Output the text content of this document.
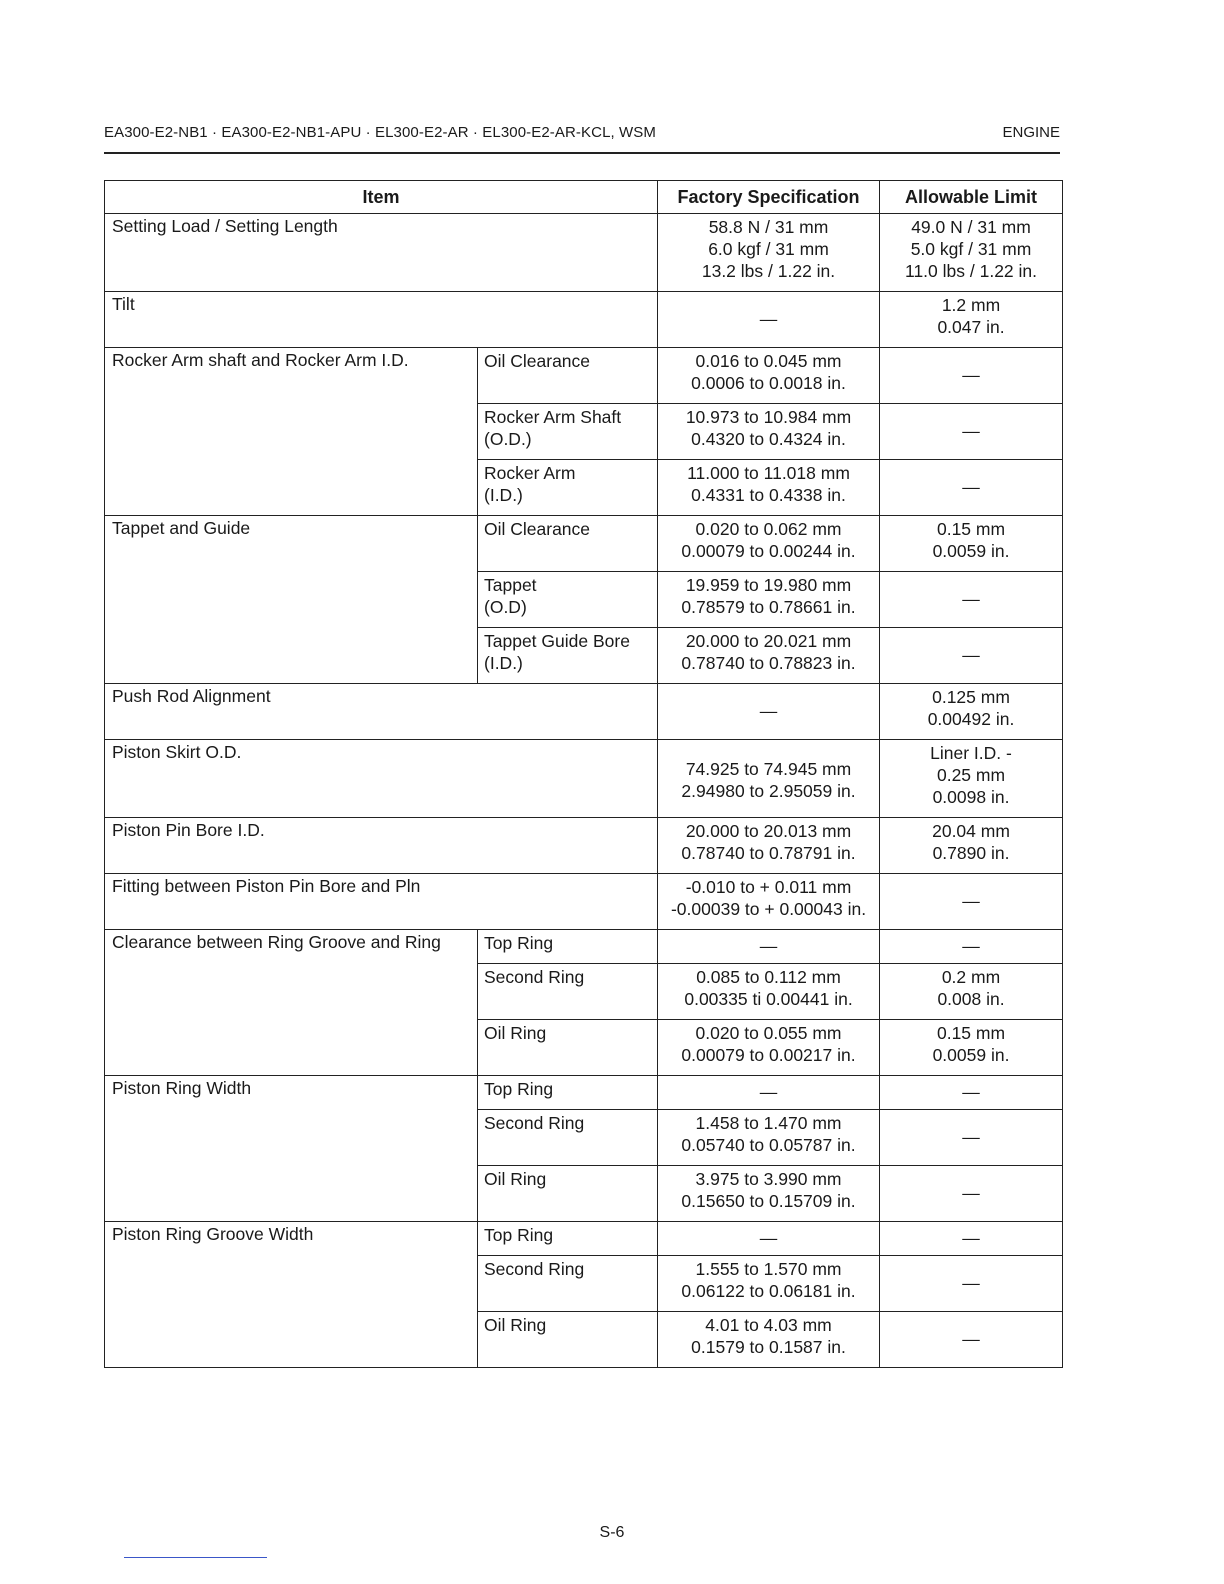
EA300-E2-NB1 · EA300-E2-NB1-APU · EL300-E2-AR · EL300-E2-AR-KCL, WSM	ENGINE
Item		Factory Specification	Allowable Limit
Setting Load / Setting Length		58.8 N / 31 mm
6.0 kgf / 31 mm
13.2 lbs / 1.22 in.	49.0 N / 31 mm
5.0 kgf / 31 mm
11.0 lbs / 1.22 in.

Tilt		—	1.2 mm
0.047 in.

Rocker Arm shaft and Rocker Arm I.D.	Oil Clearance	0.016 to 0.045 mm
0.0006 to 0.0018 in.	—

	Rocker Arm Shaft
(O.D.)	10.973 to 10.984 mm
0.4320 to 0.4324 in.	—

	Rocker Arm
(I.D.)	11.000 to 11.018 mm
0.4331 to 0.4338 in.	—
Tappet and Guide	Oil Clearance	0.020 to 0.062 mm
0.00079 to 0.00244 in.	0.15 mm
0.0059 in.

	Tappet
(O.D)	19.959 to 19.980 mm
0.78579 to 0.78661 in.	—

	Tappet Guide Bore
(I.D.)	20.000 to 20.021 mm
0.78740 to 0.78823 in.	—
Push Rod Alignment		—	0.125 mm
0.00492 in.

Piston Skirt O.D.		74.925 to 74.945 mm
2.94980 to 2.95059 in.	Liner I.D. -
0.25 mm
0.0098 in.

Piston Pin Bore I.D.		20.000 to 20.013 mm
0.78740 to 0.78791 in.	20.04 mm
0.7890 in.

Fitting between Piston Pin Bore and Pln		-0.010 to + 0.011 mm
-0.00039 to + 0.00043 in.	—
Clearance between Ring Groove and Ring	Top Ring	—	—
	Second Ring	0.085 to 0.112 mm
0.00335 ti 0.00441 in.	0.2 mm
0.008 in.

	Oil Ring	0.020 to 0.055 mm
0.00079 to 0.00217 in.	0.15 mm
0.0059 in.

Piston Ring Width	Top Ring	—	—
	Second Ring	1.458 to 1.470 mm
0.05740 to 0.05787 in.	—
	Oil Ring	3.975 to 3.990 mm
0.15650 to 0.15709 in.	—
Piston Ring Groove Width	Top Ring	—	—
	Second Ring	1.555 to 1.570 mm
0.06122 to 0.06181 in.	—
	Oil Ring	4.01 to 4.03 mm
0.1579 to 0.1587 in.	—
S-6
